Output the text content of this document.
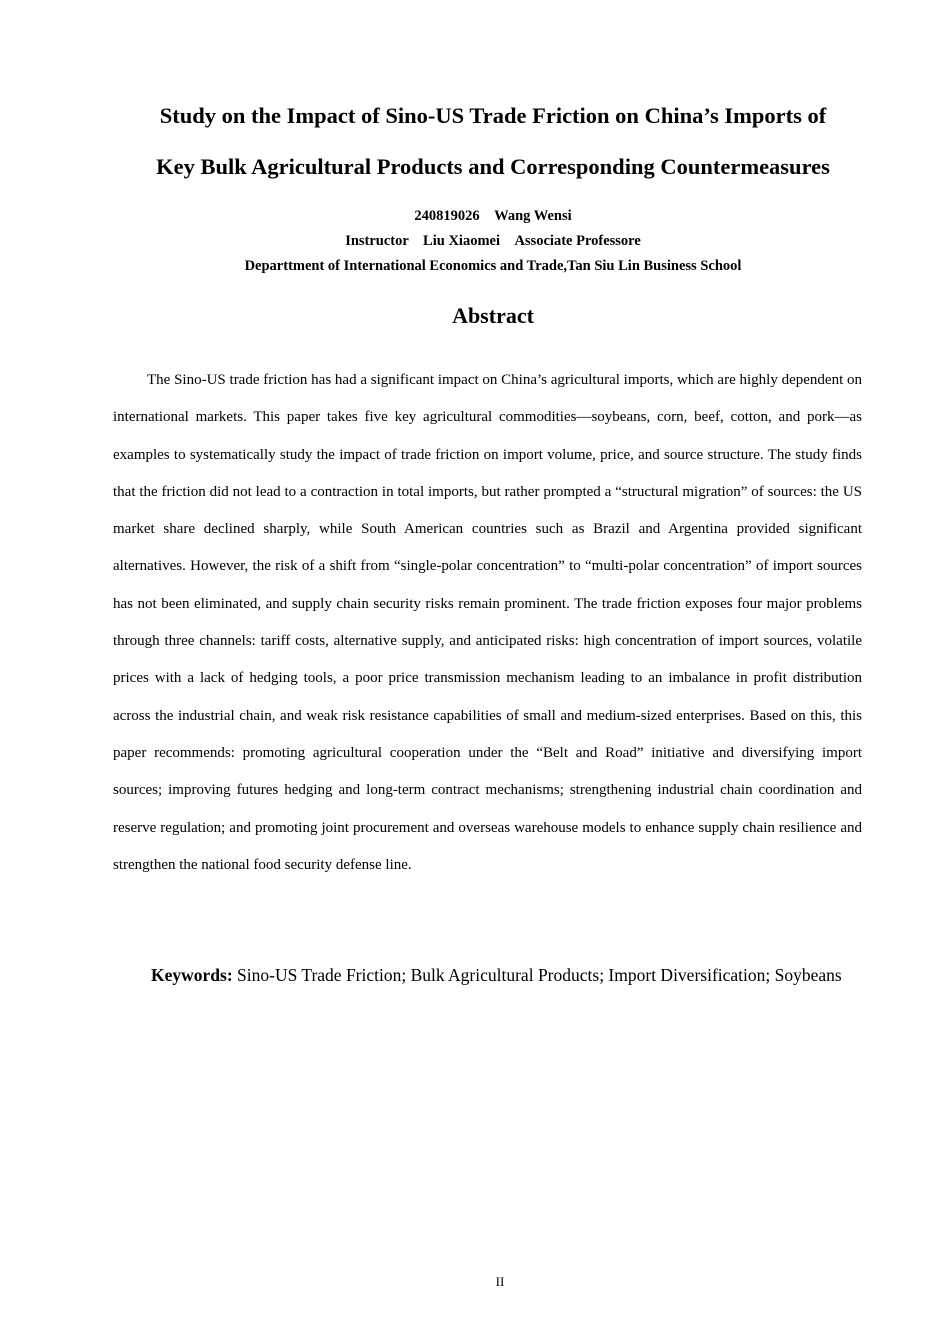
Study on the Impact of Sino-US Trade Friction on China’s Imports of
Key Bulk Agricultural Products and Corresponding Countermeasures
240819026　Wang Wensi
Instructor　Liu Xiaomei　Associate Professore
Departtment of International Economics and Trade,Tan Siu Lin Business School
Abstract

The Sino-US trade friction has had a significant impact on China’s agricultural imports, which are highly dependent on international markets. This paper takes five key agricultural commodities—soybeans, corn, beef, cotton, and pork—as examples to systematically study the impact of trade friction on import volume, price, and source structure. The study finds that the friction did not lead to a contraction in total imports, but rather prompted a “structural migration” of sources: the US market share declined sharply, while South American countries such as Brazil and Argentina provided significant alternatives. However, the risk of a shift from “single-polar concentration” to “multi-polar concentration” of import sources has not been eliminated, and supply chain security risks remain prominent. The trade friction exposes four major problems through three channels: tariff costs, alternative supply, and anticipated risks: high concentration of import sources, volatile prices with a lack of hedging tools, a poor price transmission mechanism leading to an imbalance in profit distribution across the industrial chain, and weak risk resistance capabilities of small and medium-sized enterprises. Based on this, this paper recommends: promoting agricultural cooperation under the “Belt and Road” initiative and diversifying import sources; improving futures hedging and long-term contract mechanisms; strengthening industrial chain coordination and reserve regulation; and promoting joint procurement and overseas warehouse models to enhance supply chain resilience and strengthen the national food security defense line.

Keywords: Sino-US Trade Friction; Bulk Agricultural Products; Import Diversification; Soybeans

II
